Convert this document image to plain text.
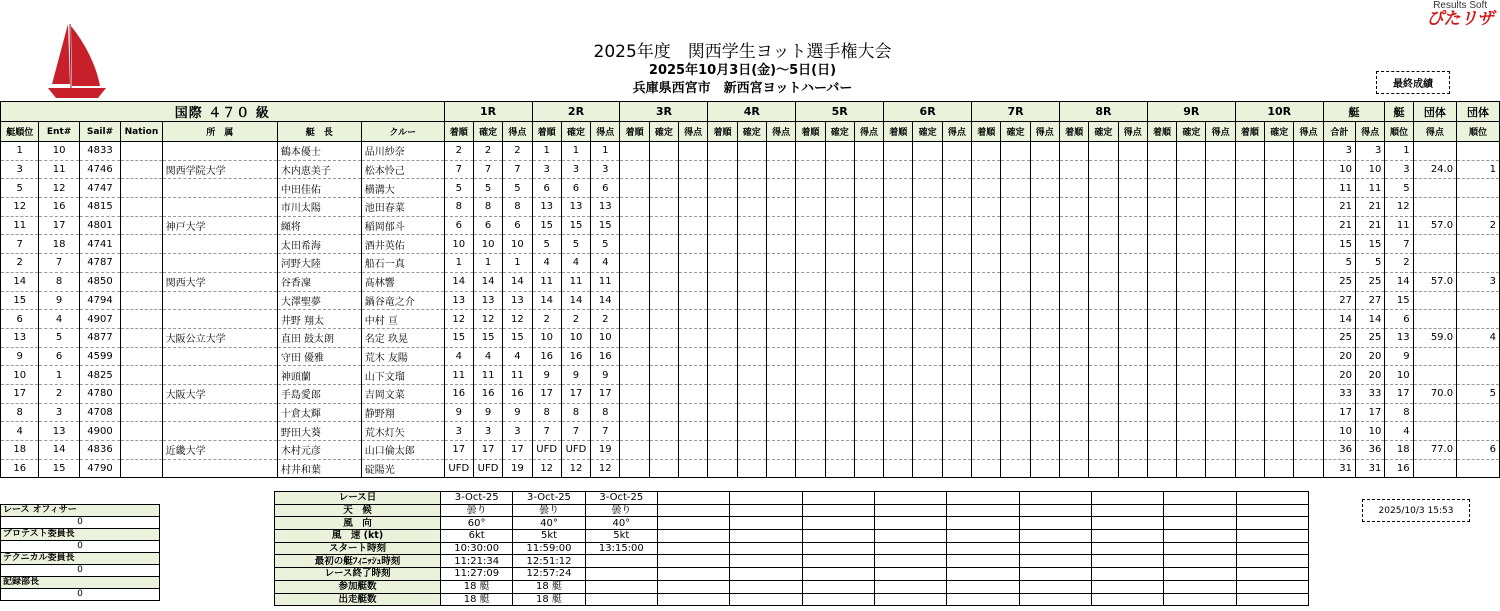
Results Soft
ぴたリザ
2025年度　関西学生ヨット選手権大会
2025年10月3日(金)～5日(日)
兵庫県西宮市　新西宮ヨットハーバー	最終成績
国際 ４７０ 級							1R			2R			3R			4R			5R			6R			7R			8R			9R			10R			艇		艇	団体	団体
艇順位	Ent#	Sail#	Nation	所　属	艇　長	クルー	着順	確定	得点	着順	確定	得点	着順	確定	得点	着順	確定	得点	着順	確定	得点	着順	確定	得点	着順	確定	得点	着順	確定	得点	着順	確定	得点	着順	確定	得点	合計	得点	順位	得点	順位
1	10	4833			鶴本優士	品川紗奈	2	2	2	1	1	1																									3	3	1		
3	11	4746		関西学院大学	木内恵美子	松本怜己	7	7	7	3	3	3																									10	10	3	24.0	1
5	12	4747			中田佳佑	横溝大	5	5	5	6	6	6																									11	11	5		
12	16	4815			市川太陽	池田春菜	8	8	8	13	13	13																									21	21	12		
11	17	4801		神戸大学	纐将	稲岡郁斗	6	6	6	15	15	15																									21	21	11	57.0	2
7	18	4741			太田希海	酒井英佑	10	10	10	5	5	5																									15	15	7		
2	7	4787			河野大陸	船石一真	1	1	1	4	4	4																									5	5	2		
14	8	4850		関西大学	谷香凜	髙林響	14	14	14	11	11	11																									25	25	14	57.0	3
15	9	4794			大澤聖夢	鍋谷竜之介	13	13	13	14	14	14																									27	27	15		
6	4	4907			井野 翔太	中村 亘	12	12	12	2	2	2																									14	14	6		
13	5	4877		大阪公立大学	直田 鼓太朗	名定 玖晃	15	15	15	10	10	10																									25	25	13	59.0	4
9	6	4599			守田 優雅	荒木 友陽	4	4	4	16	16	16																									20	20	9		
10	1	4825			神頭蘭	山下文瑠	11	11	11	9	9	9																									20	20	10		
17	2	4780		大阪大学	手島愛郎	吉岡文菜	16	16	16	17	17	17																									33	33	17	70.0	5
8	3	4708			十倉太輝	静野翔	9	9	9	8	8	8																									17	17	8		
4	13	4900			野田大葵	荒木灯矢	3	3	3	7	7	7																									10	10	4		
18	14	4836		近畿大学	木村元彦	山口倫太郎	17	17	17	UFD	UFD	19																									36	36	18	77.0	6
16	15	4790			村井和葉	碇陽光	UFD	UFD	19	12	12	12																									31	31	16		
レース オフィサー
0
プロテスト委員長
0
テクニカル委員長
0
記録部長
0
レース日	3-Oct-25	3-Oct-25	3-Oct-25									
天　候	曇り	曇り	曇り									
風　向	60°	40°	40°									
風　速 (kt)	6kt	5kt	5kt									
スタート時刻	10:30:00	11:59:00	13:15:00									
最初の艇ﾌｨﾆｯｼｭ時刻	11:21:34	12:51:12										
レース終了時刻	11:27:09	12:57:24										
参加艇数	18 艇	18 艇										
出走艇数	18 艇	18 艇										
2025/10/3 15:53
